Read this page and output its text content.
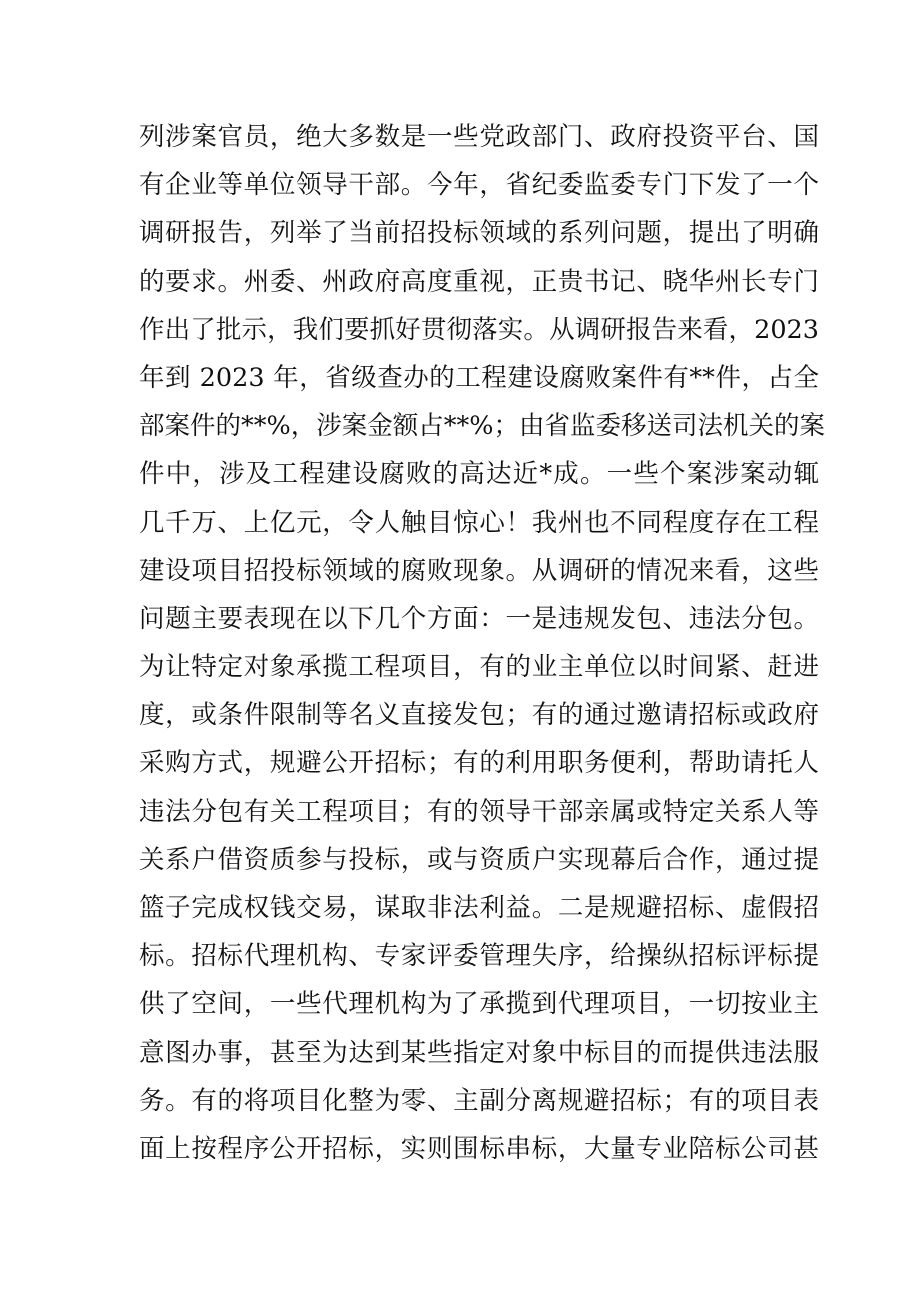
列涉案官员，绝大多数是一些党政部门、政府投资平台、国
有企业等单位领导干部。今年，省纪委监委专门下发了一个
调研报告，列举了当前招投标领域的系列问题，提出了明确
的要求。州委、州政府高度重视，正贵书记、晓华州长专门
作出了批示，我们要抓好贯彻落实。从调研报告来看，2023
年到 2023 年，省级查办的工程建设腐败案件有**件，占全
部案件的**%，涉案金额占**%；由省监委移送司法机关的案
件中，涉及工程建设腐败的高达近*成。一些个案涉案动辄
几千万、上亿元，令人触目惊心！我州也不同程度存在工程
建设项目招投标领域的腐败现象。从调研的情况来看，这些
问题主要表现在以下几个方面：一是违规发包、违法分包。
为让特定对象承揽工程项目，有的业主单位以时间紧、赶进
度，或条件限制等名义直接发包；有的通过邀请招标或政府
采购方式，规避公开招标；有的利用职务便利，帮助请托人
违法分包有关工程项目；有的领导干部亲属或特定关系人等
关系户借资质参与投标，或与资质户实现幕后合作，通过提
篮子完成权钱交易，谋取非法利益。二是规避招标、虚假招
标。招标代理机构、专家评委管理失序，给操纵招标评标提
供了空间，一些代理机构为了承揽到代理项目，一切按业主
意图办事，甚至为达到某些指定对象中标目的而提供违法服
务。有的将项目化整为零、主副分离规避招标；有的项目表
面上按程序公开招标，实则围标串标，大量专业陪标公司甚
